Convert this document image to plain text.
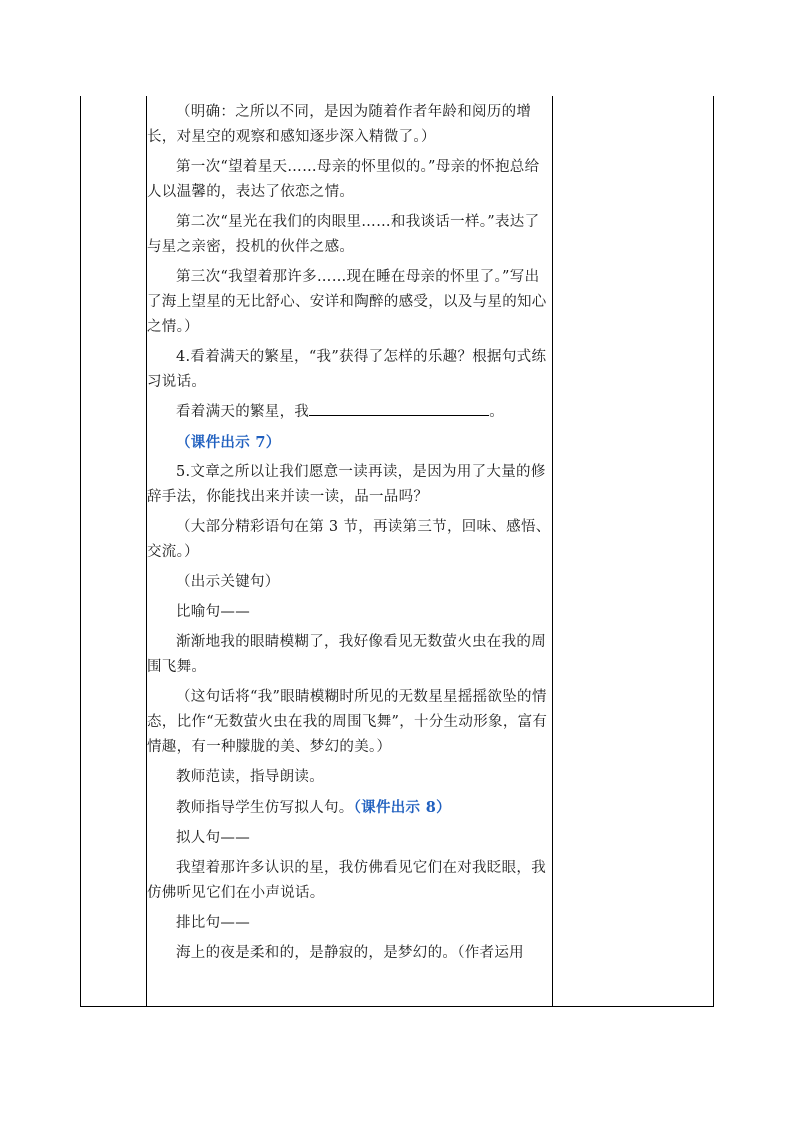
（明确：之所以不同，是因为随着作者年龄和阅历的增长，对星空的观察和感知逐步深入精微了。）

第一次“望着星天……母亲的怀里似的。”母亲的怀抱总给人以温馨的，表达了依恋之情。

第二次“星光在我们的肉眼里……和我谈话一样。”表达了与星之亲密，投机的伙伴之感。

第三次“我望着那许多……现在睡在母亲的怀里了。”写出了海上望星的无比舒心、安详和陶醉的感受，以及与星的知心之情。）

4.看着满天的繁星，“我”获得了怎样的乐趣？根据句式练习说话。

看着满天的繁星，我	。

（课件出示 7）

5.文章之所以让我们愿意一读再读，是因为用了大量的修辞手法，你能找出来并读一读，品一品吗？

（大部分精彩语句在第 3 节，再读第三节，回味、感悟、交流。）

（出示关键句）

比喻句——

渐渐地我的眼睛模糊了，我好像看见无数萤火虫在我的周围飞舞。

（这句话将“我”眼睛模糊时所见的无数星星摇摇欲坠的情态，比作“无数萤火虫在我的周围飞舞”，十分生动形象，富有情趣，有一种朦胧的美、梦幻的美。）

教师范读，指导朗读。

教师指导学生仿写拟人句。（课件出示 8）

拟人句——

我望着那许多认识的星，我仿佛看见它们在对我眨眼，我仿佛听见它们在小声说话。

排比句——

海上的夜是柔和的，是静寂的，是梦幻的。（作者运用
